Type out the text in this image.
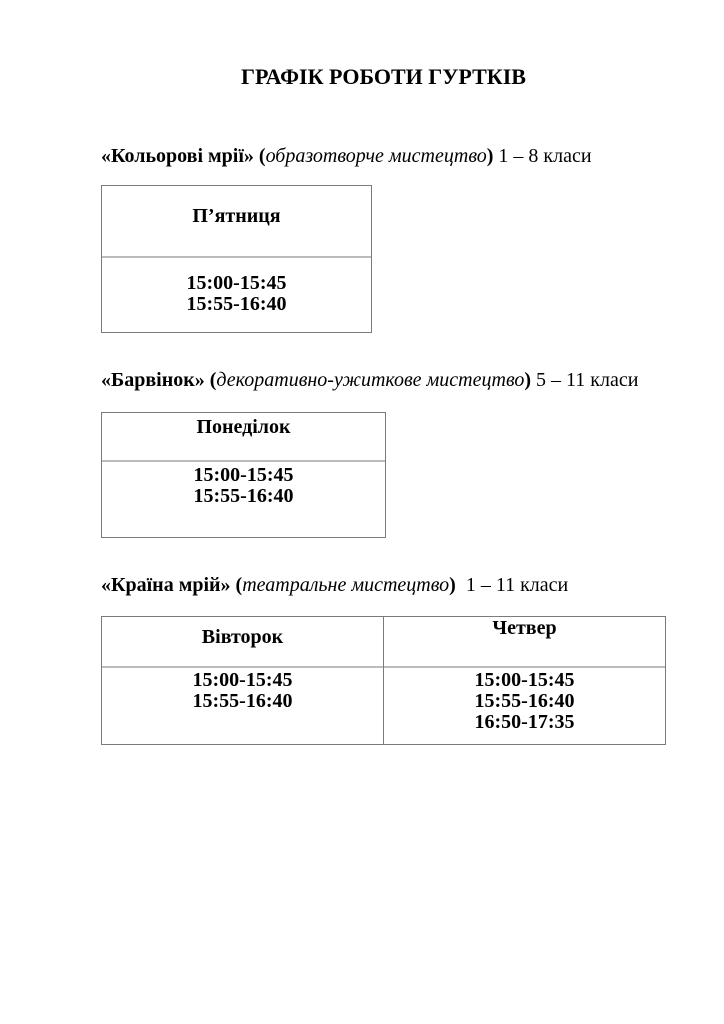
ГРАФІК РОБОТИ ГУРТКІВ

«Кольорові мрії» (образотворче мистецтво) 1 – 8 класи

П’ятниця
15:00-15:45
15:55-16:40

«Барвінок» (декоративно-ужиткове мистецтво) 5 – 11 класи

Понеділок
15:00-15:45
15:55-16:40

«Країна мрій» (театральне мистецтво)  1 – 11 класи

Вівторок
15:00-15:45
15:55-16:40
Четвер
15:00-15:45
15:55-16:40
16:50-17:35
